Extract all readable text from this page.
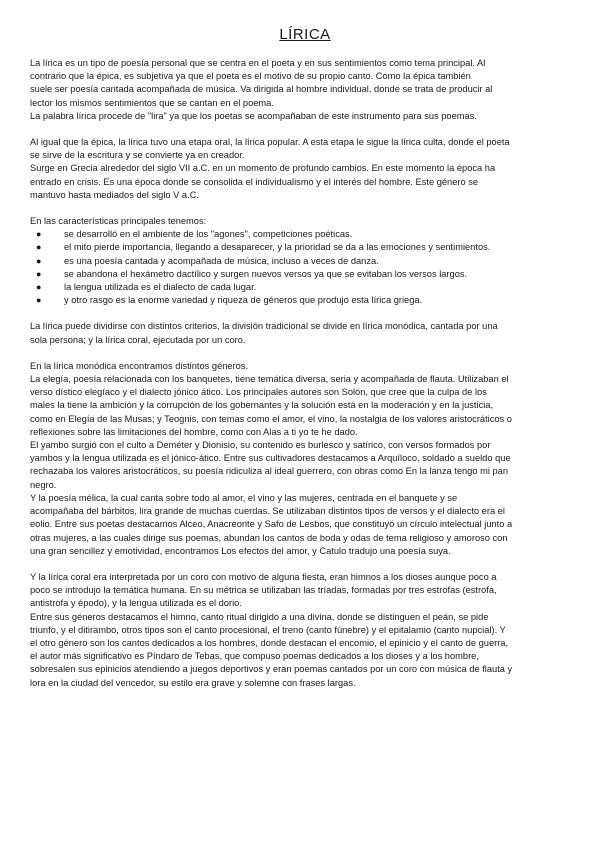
LÍRICA
La lírica es un tipo de poesía personal que se centra en el poeta y en sus sentimientos como tema principal. Al
contrario que la épica, es subjetiva ya que el poeta es el motivo de su propio canto. Como la épica también
suele ser poesía cantada acompañada de música. Va dirigida al hombre individual, donde se trata de producir al
lector los mismos sentimientos que se cantan en el poema.
La palabra lírica procede de "lira" ya que los poetas se acompañaban de este instrumento para sus poemas.
Al igual que la épica, la lírica tuvo una etapa oral, la lírica popular. A esta etapa le sigue la lírica culta, donde el poeta
se sirve de la escritura y se convierte ya en creador.
Surge en Grecia alrededor del siglo VII a.C. en un momento de profundo cambios. En este momento la época ha
entrado en crisis. Es una época donde se consolida el individualismo y el interés del hombre. Este género se
mantuvo hasta mediados del siglo V a.C.
En las características principales tenemos:
● se desarrolló en el ambiente de los "agones", competiciones poéticas.
● el mito pierde importancia, llegando a desaparecer, y la prioridad se da a las emociones y sentimientos.
● es una poesía cantada y acompañada de música, incluso a veces de danza.
● se abandona el hexámetro dactílico y surgen nuevos versos ya que se evitaban los versos largos.
● la lengua utilizada es el dialecto de cada lugar.
● y otro rasgo es la enorme variedad y riqueza de géneros que produjo esta lírica griega.
La lírica puede dividirse con distintos criterios, la división tradicional se divide en lírica monódica, cantada por una
sola persona; y la lírica coral, ejecutada por un coro.
En la lírica monódica encontramos distintos géneros.
La elegía, poesía relacionada con los banquetes, tiene temática diversa, seria y acompañada de flauta. Utilizaban el
verso dístico elegíaco y el dialecto jónico ático. Los principales autores son Solón, que cree que la culpa de los
males la tiene la ambición y la corrupción de los gobernantes y la solución está en la moderación y en la justicia,
como en Elegía de las Musas; y Teognis, con temas como el amor, el vino, la nostalgia de los valores aristocráticos o
reflexiones sobre las limitaciones del hombre, como con Alas a ti yo te he dado.
El yambo surgió con el culto a Deméter y Dionisio, su contenido es burlesco y satírico, con versos formados por
yambos y la lengua utilizada es el jónico-ático. Entre sus cultivadores destacamos a Arquíloco, soldado a sueldo que
rechazaba los valores aristocráticos, su poesía ridiculiza al ideal guerrero, con obras como En la lanza tengo mi pan
negro.
Y la poesía mélica, la cual canta sobre todo al amor, el vino y las mujeres, centrada en el banquete y se
acompañaba del bárbitos, lira grande de muchas cuerdas. Se utilizaban distintos tipos de versos y el dialecto era el
eolio. Entre sus poetas destacamos Alceo, Anacreonte y Safo de Lesbos, que constituyó un círculo intelectual junto a
otras mujeres, a las cuales dirige sus poemas, abundan los cantos de boda y odas de tema religioso y amoroso con
una gran sencillez y emotividad, encontramos Los efectos del amor, y Catulo tradujo una poesía suya.
Y la lírica coral era interpretada por un coro con motivo de alguna fiesta, eran himnos a los dioses aunque poco a
poco se introdujo la temática humana. En su métrica se utilizaban las tríadas, formadas por tres estrofas (estrofa,
antistrofa y épodo), y la lengua utilizada es el dorio.
Entre sus géneros destacamos el himno, canto ritual dirigido a una divina, donde se distinguen el peán, se pide
triunfo, y el ditirambo, otros tipos son el canto procesional, el treno (canto fúnebre) y el epitalamio (canto nupcial). Y
el otro género son los cantos dedicados a los hombres, donde destacan el encomio, el epinicio y el canto de guerra,
el autor más significativo es Píndaro de Tebas, que compuso poemas dedicados a los dioses y a los hombre,
sobresalen sus epinicios atendiendo a juegos deportivos y eran poemas cantados por un coro con música de flauta y
lora en la ciudad del vencedor, su estilo era grave y solemne con frases largas.
